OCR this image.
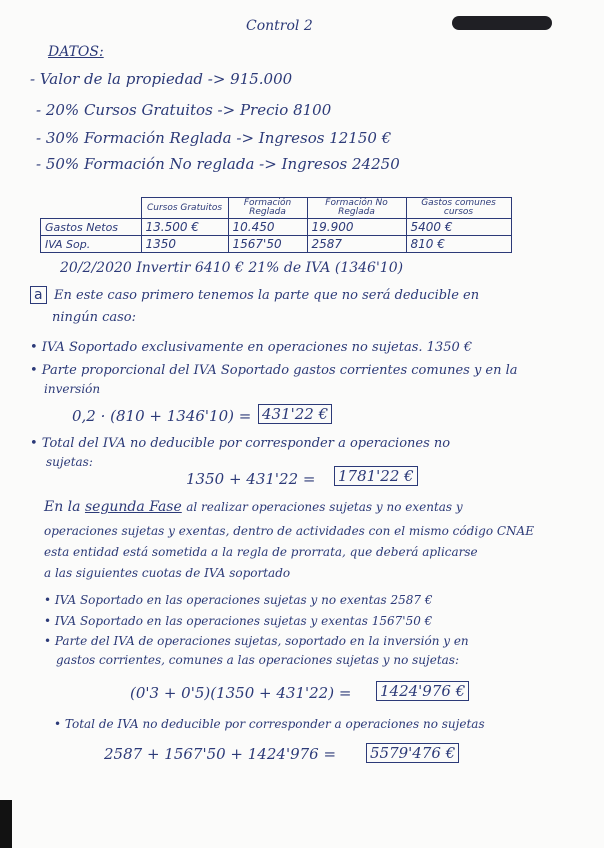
Control 2
DATOS:
- Valor de la propiedad -> 915.000
- 20% Cursos Gratuitos -> Precio 8100
- 30% Formación Reglada -> Ingresos 12150 €
- 50% Formación No reglada -> Ingresos 24250
	Cursos Gratuitos	Formación Reglada	Formación No Reglada	Gastos comunes cursos
Gastos Netos	13.500 €	10.450	19.900	5400 €
IVA Sop.	1350	1567'50	2587	810 €
20/2/2020 Invertir 6410 € 21% de IVA (1346'10)
a En este caso primero tenemos la parte que no será deducible en
ningún caso:
• IVA Soportado exclusivamente en operaciones no sujetas. 1350 €
• Parte proporcional del IVA Soportado gastos corrientes comunes y en la
inversión
0,2 · (810 + 1346'10) = 431'22 €
• Total del IVA no deducible por corresponder a operaciones no
sujetas:
1350 + 431'22 = 1781'22 €
En la segunda Fase al realizar operaciones sujetas y no exentas y
operaciones sujetas y exentas, dentro de actividades con el mismo código CNAE
esta entidad está sometida a la regla de prorrata, que deberá aplicarse
a las siguientes cuotas de IVA soportado
• IVA Soportado en las operaciones sujetas y no exentas 2587 €
• IVA Soportado en las operaciones sujetas y exentas 1567'50 €
• Parte del IVA de operaciones sujetas, soportado en la inversión y en
gastos corrientes, comunes a las operaciones sujetas y no sujetas:
(0'3 + 0'5)(1350 + 431'22) = 1424'976 €
• Total de IVA no deducible por corresponder a operaciones no sujetas
2587 + 1567'50 + 1424'976 = 5579'476 €
